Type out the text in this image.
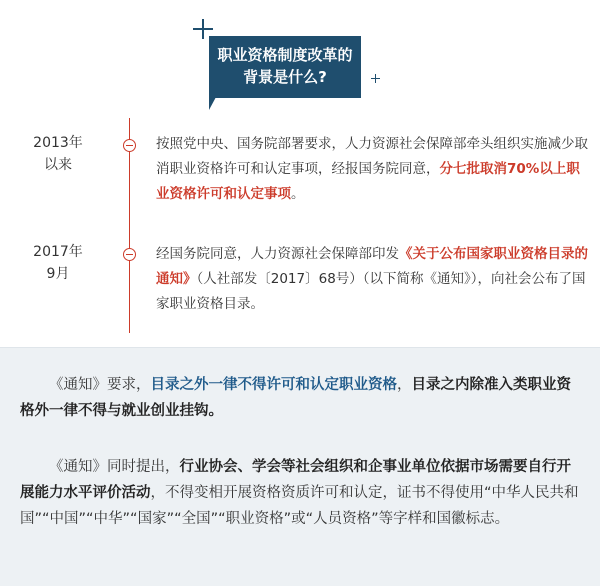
职业资格制度改革的
背景是什么?
2013年
以来
按照党中央、国务院部署要求，人力资源社会保障部牵头组织实施减少取消职业资格许可和认定事项，经报国务院同意，分七批取消70%以上职业资格许可和认定事项。
2017年
9月
经国务院同意，人力资源社会保障部印发《关于公布国家职业资格目录的通知》（人社部发〔2017〕68号）（以下简称《通知》），向社会公布了国家职业资格目录。
《通知》要求，目录之外一律不得许可和认定职业资格，目录之内除准入类职业资格外一律不得与就业创业挂钩。
《通知》同时提出，行业协会、学会等社会组织和企事业单位依据市场需要自行开展能力水平评价活动，不得变相开展资格资质许可和认定，证书不得使用“中华人民共和国”“中国”“中华”“国家”“全国”“职业资格”或“人员资格”等字样和国徽标志。
